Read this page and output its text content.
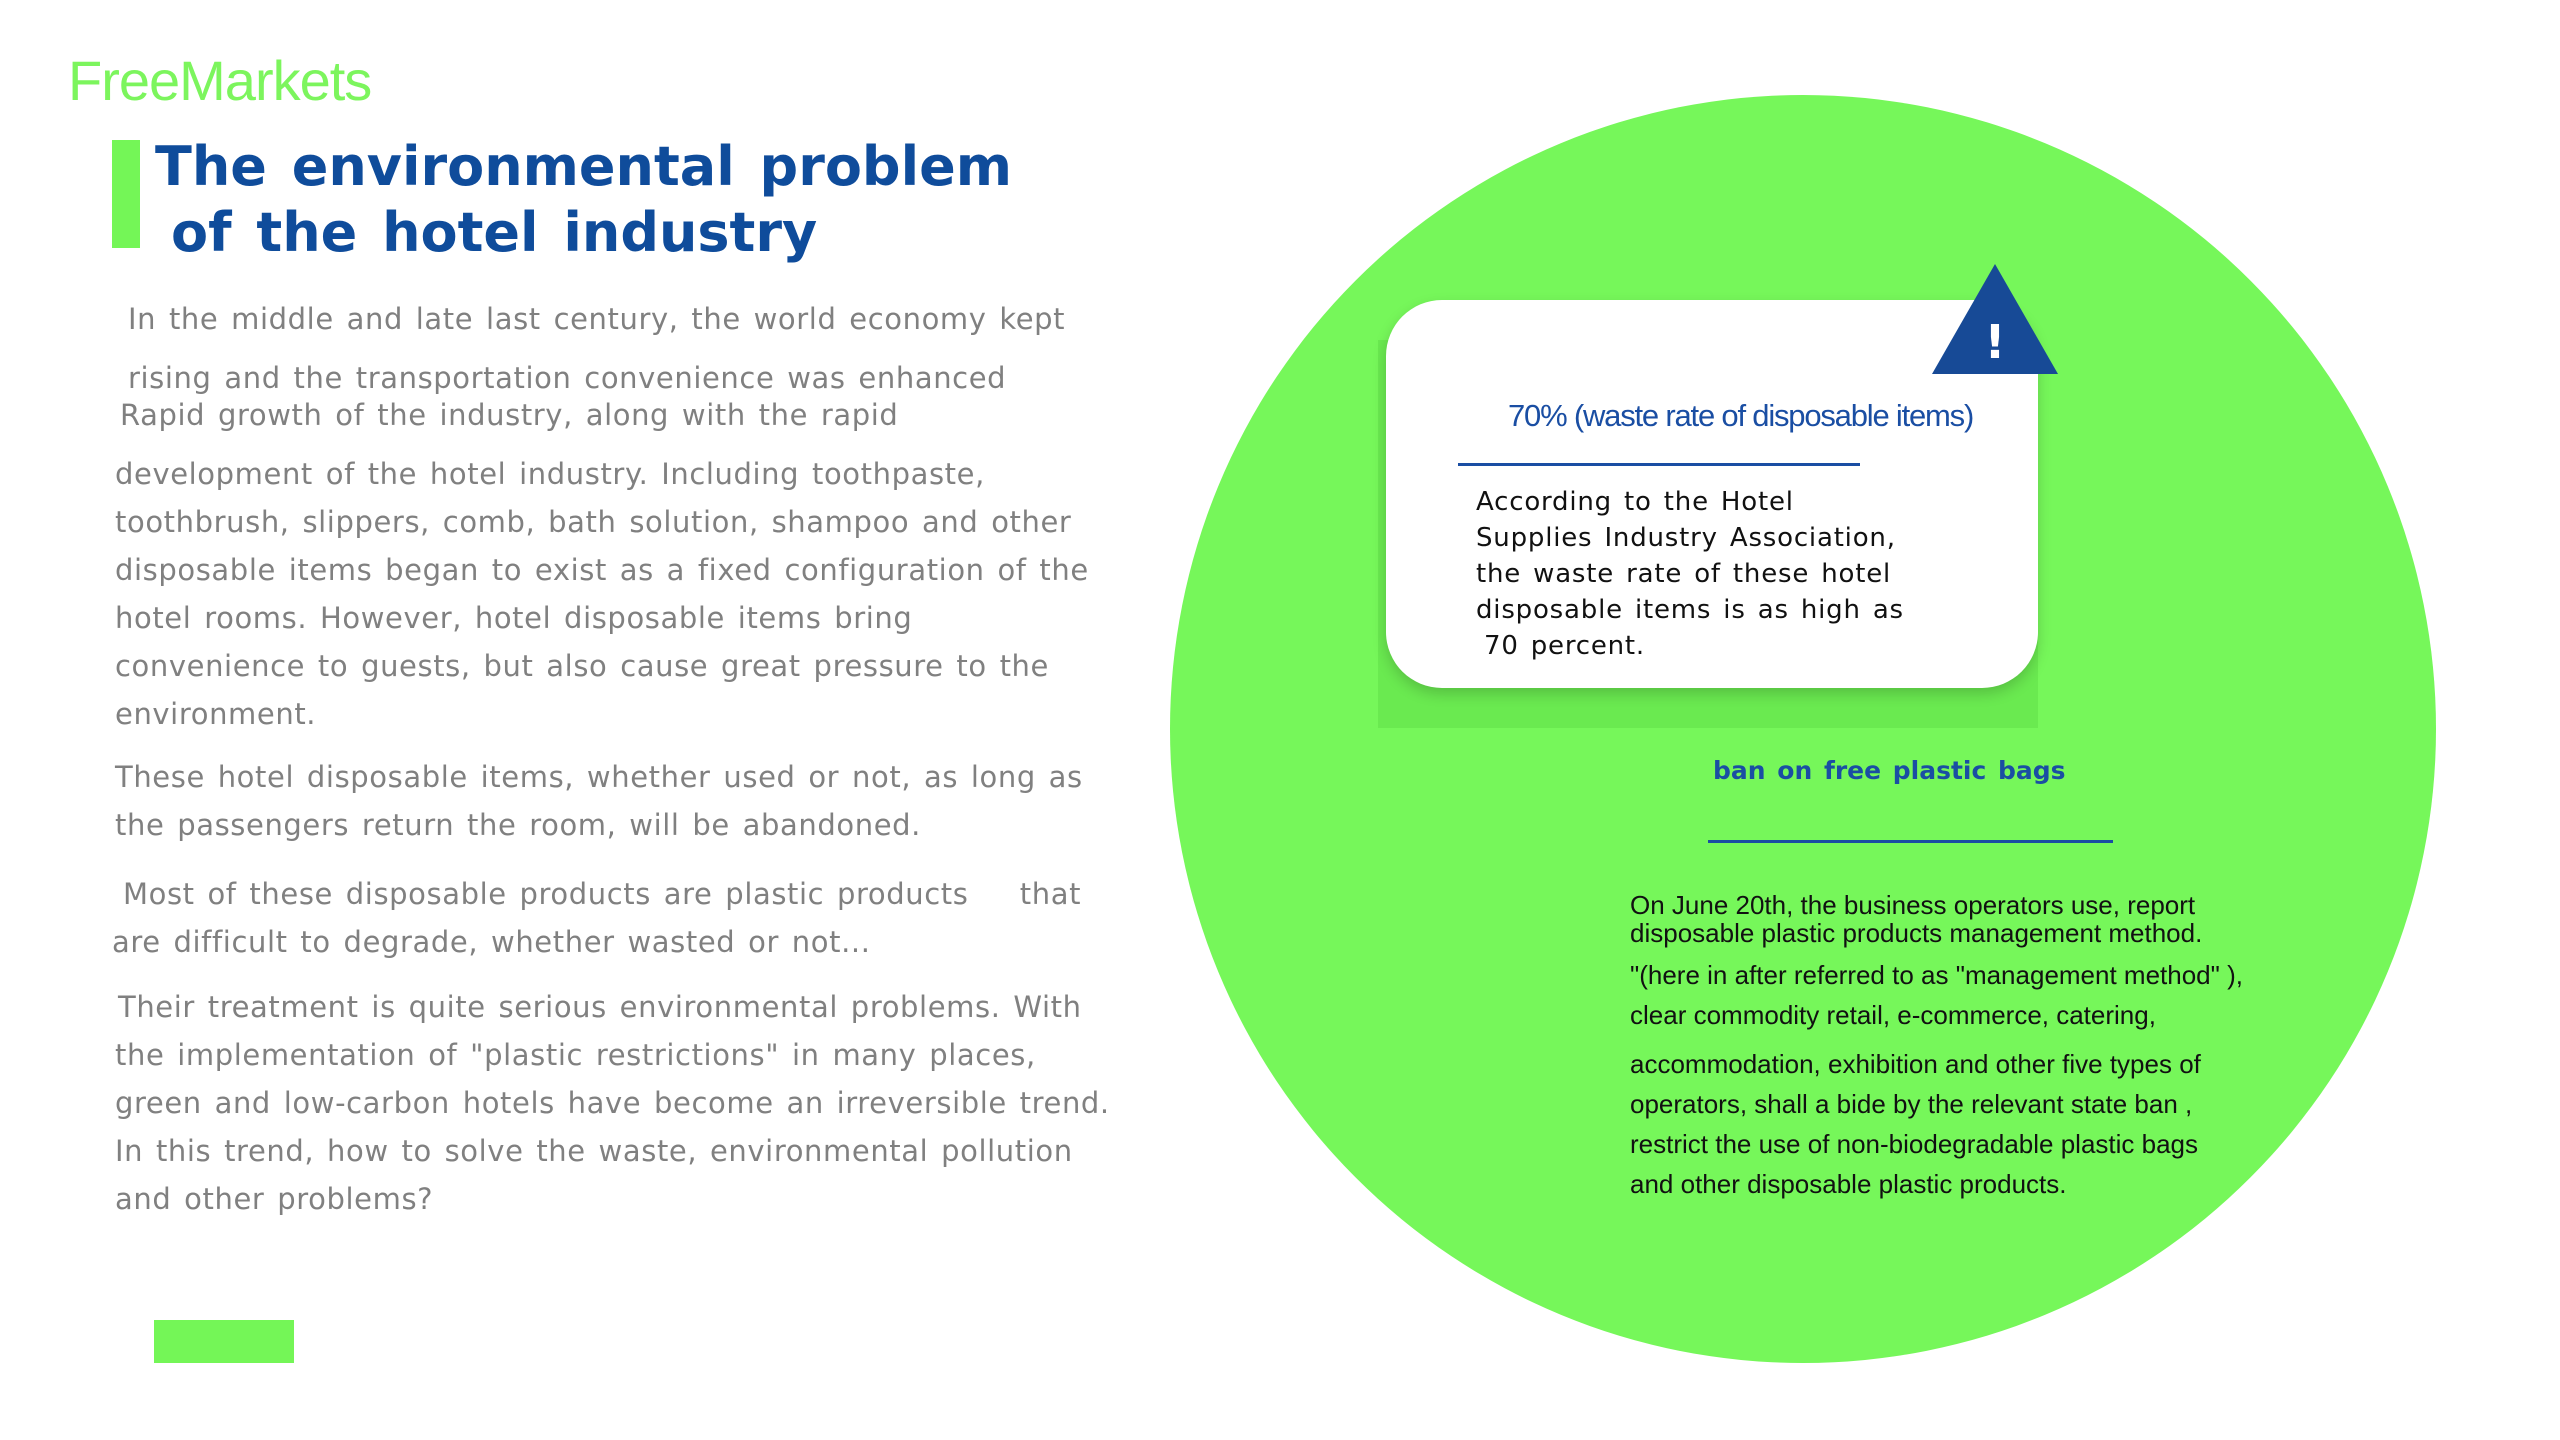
FreeMarkets
The environmental problem
of the hotel industry
In the middle and late last century, the world economy kept
rising and the transportation convenience was enhanced
Rapid growth of the industry, along with the rapid
development of the hotel industry. Including toothpaste,
toothbrush, slippers, comb, bath solution, shampoo and other
disposable items began to exist as a fixed configuration of the
hotel rooms. However, hotel disposable items bring
convenience to guests, but also cause great pressure to the
environment.
These hotel disposable items, whether used or not, as long as
the passengers return the room, will be abandoned.
Most of these disposable products are plastic products    that
are difficult to degrade, whether wasted or not...
Their treatment is quite serious environmental problems. With
the implementation of "plastic restrictions" in many places,
green and low-carbon hotels have become an irreversible trend.
In this trend, how to solve the waste, environmental pollution
and other problems?
!
70% (waste rate of disposable items)
According to the Hotel
Supplies Industry Association,
the waste rate of these hotel
disposable items is as high as
70 percent.
ban on free plastic bags
On June 20th, the business operators use, report
disposable plastic products management method.
"(here in after referred to as "management method" ),
clear commodity retail, e-commerce, catering,
accommodation, exhibition and other five types of
operators, shall a bide by the relevant state ban ,
restrict the use of non-biodegradable plastic bags
and other disposable plastic products.
